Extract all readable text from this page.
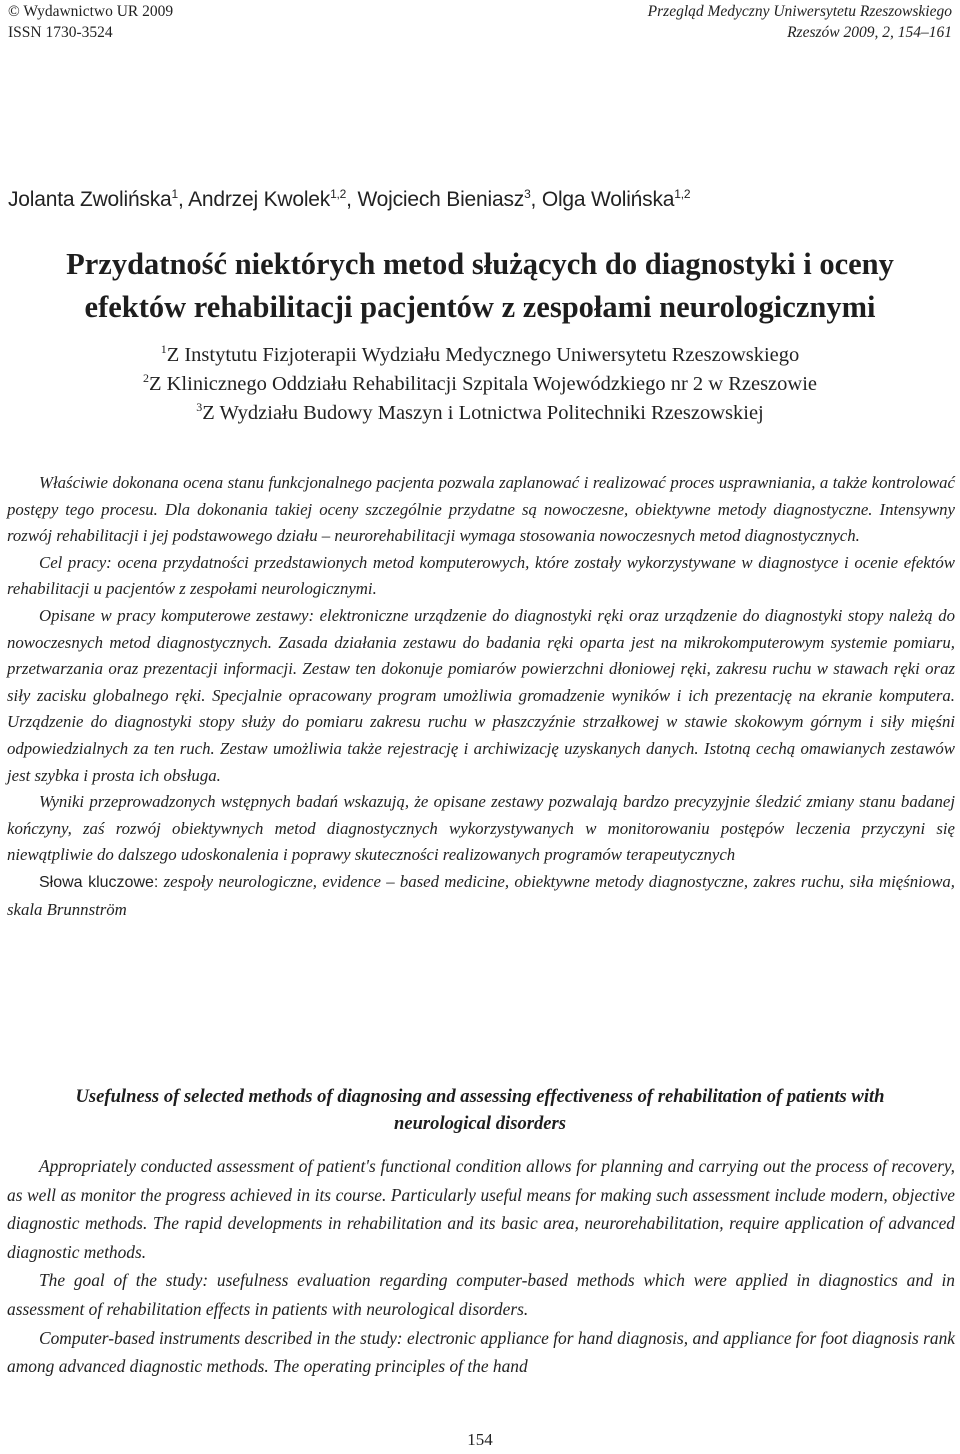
© Wydawnictwo UR 2009
ISSN 1730-3524
Przegląd Medyczny Uniwersytetu Rzeszowskiego
Rzeszów 2009, 2, 154–161
Jolanta Zwolińska$^1$, Andrzej Kwolek$^{1,2}$, Wojciech Bieniasz$^3$, Olga Wolińska$^{1,2}$
Przydatność niektórych metod służących do diagnostyki i oceny
efektów rehabilitacji pacjentów z zespołami neurologicznymi
$^1$Z Instytutu Fizjoterapii Wydziału Medycznego Uniwersytetu Rzeszowskiego
$^2$Z Klinicznego Oddziału Rehabilitacji Szpitala Wojewódzkiego nr 2 w Rzeszowie
$^3$Z Wydziału Budowy Maszyn i Lotnictwa Politechniki Rzeszowskiej

Właściwie dokonana ocena stanu funkcjonalnego pacjenta pozwala zaplanować i realizować proces usprawniania, a także kontrolować postępy tego procesu. Dla dokonania takiej oceny szczególnie przydatne są nowoczesne, obiektywne metody diagnostyczne. Intensywny rozwój rehabilitacji i jej podstawowego działu – neurorehabilitacji wymaga stosowania nowoczesnych metod diagnostycznych.

Cel pracy: ocena przydatności przedstawionych metod komputerowych, które zostały wykorzystywane w diagnostyce i ocenie efektów rehabilitacji u pacjentów z zespołami neurologicznymi.

Opisane w pracy komputerowe zestawy: elektroniczne urządzenie do diagnostyki ręki oraz urządzenie do diagnostyki stopy należą do nowoczesnych metod diagnostycznych. Zasada działania zestawu do badania ręki oparta jest na mikrokomputerowym systemie pomiaru, przetwarzania oraz prezentacji informacji. Zestaw ten dokonuje pomiarów powierzchni dłoniowej ręki, zakresu ruchu w stawach ręki oraz siły zacisku globalnego ręki. Specjalnie opracowany program umożliwia gromadzenie wyników i ich prezentację na ekranie komputera. Urządzenie do diagnostyki stopy służy do pomiaru zakresu ruchu w płaszczyźnie strzałkowej w stawie skokowym górnym i siły mięśni odpowiedzialnych za ten ruch. Zestaw umożliwia także rejestrację i archiwizację uzyskanych danych. Istotną cechą omawianych zestawów jest szybka i prosta ich obsługa.

Wyniki przeprowadzonych wstępnych badań wskazują, że opisane zestawy pozwalają bardzo precyzyjnie śledzić zmiany stanu badanej kończyny, zaś rozwój obiektywnych metod diagnostycznych wykorzystywanych w monitorowaniu postępów leczenia przyczyni się niewątpliwie do dalszego udoskonalenia i poprawy skuteczności realizowanych programów terapeutycznych

Słowa kluczowe: zespoły neurologiczne, evidence – based medicine, obiektywne metody diagnostyczne, zakres ruchu, siła mięśniowa, skala Brunnström

Usefulness of selected methods of diagnosing and assessing effectiveness of rehabilitation of patients with neurological disorders

Appropriately conducted assessment of patient's functional condition allows for planning and carrying out the process of recovery, as well as monitor the progress achieved in its course. Particularly useful means for making such assessment include modern, objective diagnostic methods. The rapid developments in rehabilitation and its basic area, neurorehabilitation, require application of advanced diagnostic methods.

The goal of the study: usefulness evaluation regarding computer-based methods which were applied in diagnostics and in assessment of rehabilitation effects in patients with neurological disorders.

Computer-based instruments described in the study: electronic appliance for hand diagnosis, and appliance for foot diagnosis rank among advanced diagnostic methods. The operating principles of the hand

154
